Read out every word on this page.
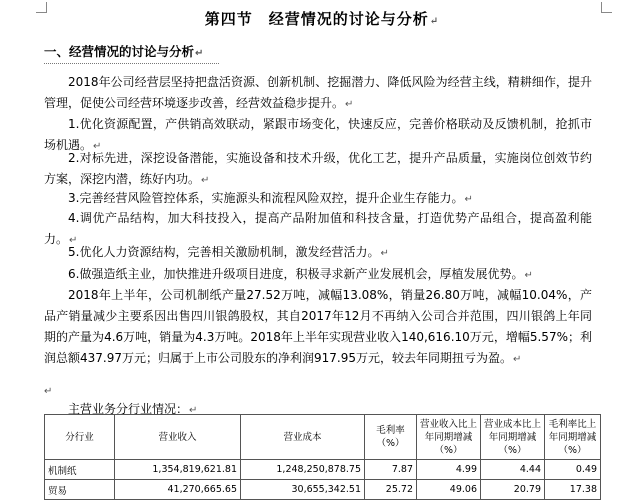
第四节　经营情况的讨论与分析↵
一、经营情况的讨论与分析↵

2018年公司经营层坚持把盘活资源、创新机制、挖掘潜力、降低风险为经营主线，精耕细作，提升管理，促使公司经营环境逐步改善，经营效益稳步提升。↵

1.优化资源配置，产供销高效联动，紧跟市场变化，快速反应，完善价格联动及反馈机制，抢抓市场机遇。↵

2.对标先进，深挖设备潜能，实施设备和技术升级，优化工艺，提升产品质量，实施岗位创效节约方案，深挖内潜，练好内功。↵

3.完善经营风险管控体系，实施源头和流程风险双控，提升企业生存能力。↵

4.调优产品结构，加大科技投入，提高产品附加值和科技含量，打造优势产品组合，提高盈利能力。↵

5.优化人力资源结构，完善相关激励机制，激发经营活力。↵

6.做强造纸主业，加快推进升级项目进度，积极寻求新产业发展机会，厚植发展优势。↵

2018年上半年，公司机制纸产量27.52万吨，减幅13.08%，销量26.80万吨，减幅10.04%，产品产销量减少主要系因出售四川银鸽股权，其自2017年12月不再纳入公司合并范围，四川银鸽上年同期的产量为4.6万吨，销量为4.3万吨。2018年上半年实现营业收入140,616.10万元，增幅5.57%；利润总额437.97万元；归属于上市公司股东的净利润917.95万元，较去年同期扭亏为盈。↵

↵
主营业务分行业情况：↵
分行业	营业收入	营业成本	毛利率（%）	营业收入比上年同期增减（%）	营业成本比上年同期增减（%）	毛利率比上年同期增减（%）
机制纸	1,354,819,621.81	1,248,250,878.75	7.87	4.99	4.44	0.49
贸易	41,270,665.65	30,655,342.51	25.72	49.06	20.79	17.38
